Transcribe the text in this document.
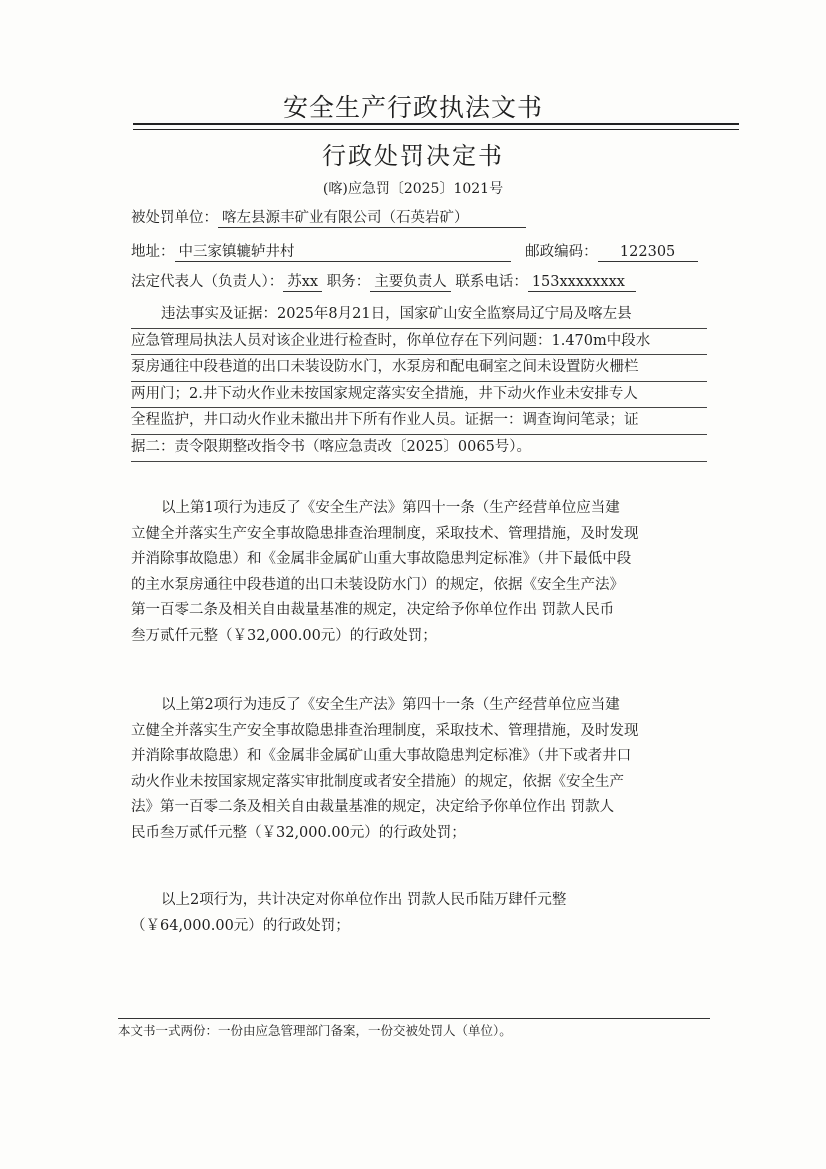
安全生产行政执法文书
行政处罚决定书
(喀)应急罚〔2025〕1021号
被处罚单位： 喀左县源丰矿业有限公司（石英岩矿）
地址： 中三家镇辘轳井村	邮政编码： 122305
法定代表人（负责人）： 苏xx 职务： 主要负责人 联系电话： 153xxxxxxxx
违法事实及证据：2025年8月21日，国家矿山安全监察局辽宁局及喀左县
应急管理局执法人员对该企业进行检查时，你单位存在下列问题：1.470m中段水
泵房通往中段巷道的出口未装设防水门，水泵房和配电硐室之间未设置防火栅栏
两用门；2.井下动火作业未按国家规定落实安全措施，井下动火作业未安排专人
全程监护，井口动火作业未撤出井下所有作业人员。证据一：调查询问笔录；证
据二：责令限期整改指令书（喀应急责改〔2025〕0065号）。
以上第1项行为违反了《安全生产法》第四十一条（生产经营单位应当建
立健全并落实生产安全事故隐患排查治理制度，采取技术、管理措施，及时发现
并消除事故隐患）和《金属非金属矿山重大事故隐患判定标准》（井下最低中段
的主水泵房通往中段巷道的出口未装设防水门）的规定，依据《安全生产法》
第一百零二条及相关自由裁量基准的规定，决定给予你单位作出 罚款人民币
叁万贰仟元整（￥32,000.00元）的行政处罚；
以上第2项行为违反了《安全生产法》第四十一条（生产经营单位应当建
立健全并落实生产安全事故隐患排查治理制度，采取技术、管理措施，及时发现
并消除事故隐患）和《金属非金属矿山重大事故隐患判定标准》（井下或者井口
动火作业未按国家规定落实审批制度或者安全措施）的规定，依据《安全生产
法》第一百零二条及相关自由裁量基准的规定，决定给予你单位作出 罚款人
民币叁万贰仟元整（￥32,000.00元）的行政处罚；
以上2项行为，共计决定对你单位作出 罚款人民币陆万肆仟元整
（￥64,000.00元）的行政处罚；
本文书一式两份：一份由应急管理部门备案，一份交被处罚人（单位）。
